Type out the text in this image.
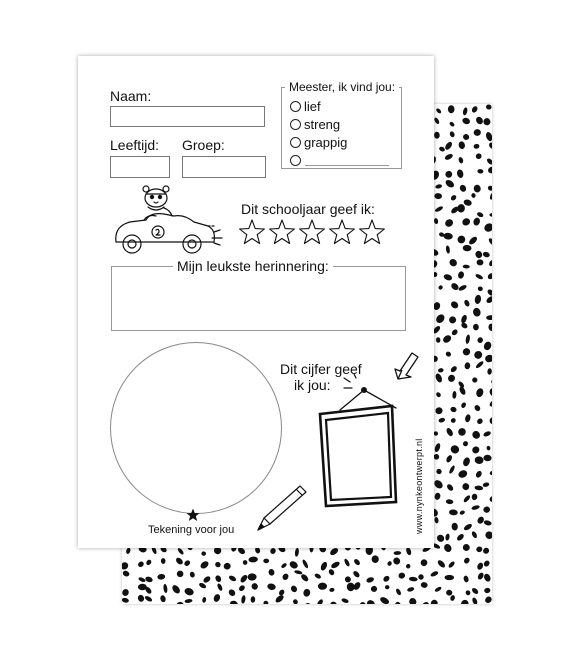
Naam:
Leeftijd: Groep:
Meester, ik vind jou:
lief
streng
grappig
Dit schooljaar geef ik:
Mijn leukste herinnering:
Tekening voor jou
Dit cijfer geef
ik jou:
www.nynkeontwerpt.nl
